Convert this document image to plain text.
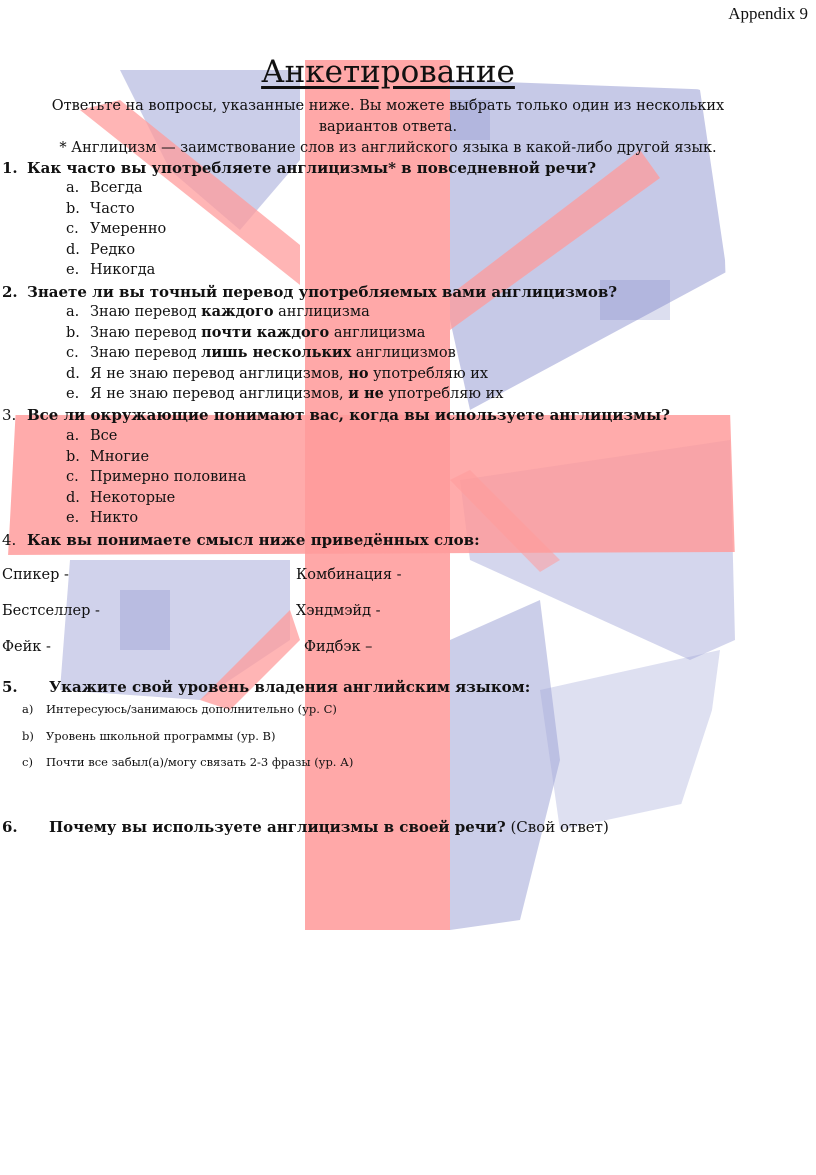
Appendix 9
Анкетирование
Ответьте на вопросы, указанные ниже. Вы можете выбрать только один из нескольких
вариантов ответа.
* Англицизм — заимствование слов из английского языка в какой-либо другой язык.
1. Как часто вы употребляете англицизмы* в повседневной речи?
a. Всегда
b. Часто
c. Умеренно
d. Редко
e. Никогда
2. Знаете ли вы точный перевод употребляемых вами англицизмов?
a. Знаю перевод каждого англицизма
b. Знаю перевод почти каждого англицизма
c. Знаю перевод лишь нескольких англицизмов
d. Я не знаю перевод англицизмов, но употребляю их
e. Я не знаю перевод англицизмов, и не употребляю их
3. Все ли окружающие понимают вас, когда вы используете англицизмы?
a. Все
b. Многие
c. Примерно половина
d. Некоторые
e. Никто
4. Как вы понимаете смысл ниже приведённых слов:
Спикер -	Комбинация -
Бестселлер -	Хэндмэйд -
Фейк -	Фидбэк –
5. Укажите свой уровень владения английским языком:
a) Интересуюсь/занимаюсь дополнительно (ур. С)
b) Уровень школьной программы (ур. В)
c) Почти все забыл(а)/могу связать 2-3 фразы (ур. А)
6. Почему вы используете англицизмы в своей речи? (Свой ответ)
